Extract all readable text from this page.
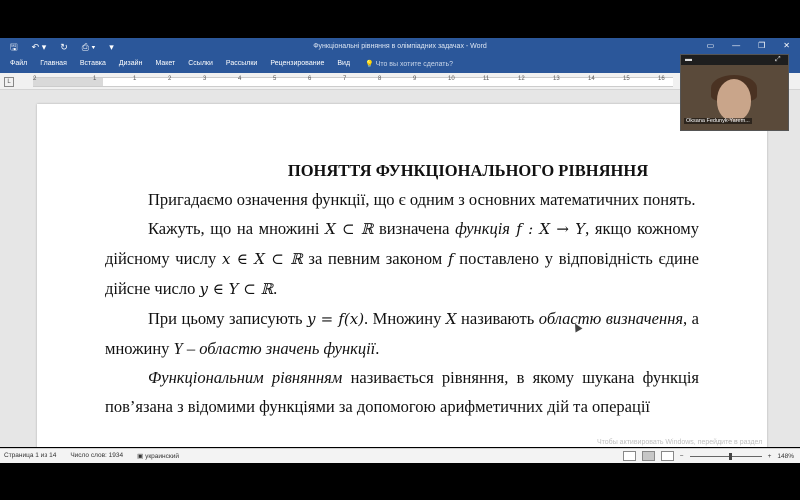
🖫 ↶ ▾ ↻ ⎙ ▾ ▾	Функціональні рівняння в олімпіадних задачах - Word	▭ — ❐ ✕
Файл Главная Вставка Дизайн Макет Ссылки Рассылки Рецензирование Вид 💡 Что вы хотите сделать?
L	2	1	1	2	3	4	5	6	7	8	9	10	11	12	13	14	15	16
ПОНЯТТЯ ФУНКЦІОНАЛЬНОГО РІВНЯННЯ

Пригадаємо означення функції, що є одним з основних математичних понять.

Кажуть, що на множині X ⊂ ℝ визначена функція f : X → Y, якщо кожному дійсному числу x ∈ X ⊂ ℝ за певним законом f поставлено у відповідність єдине дійсне число y ∈ Y ⊂ ℝ.

При цьому записують y = f(x). Множину X називають областю визначення, а множину Y – областю значень функції.

Функціональним рівнянням називається рівняння, в якому шукана функція пов’язана з відомими функціями за допомогою арифметичних дій та операції

Чтобы активировать Windows, перейдите в раздел
Страница 1 из 14 Число слов: 1934 ▣ украинский	−	+ 148%
▬	⤢
Oksana Fedunyk-Yarem...
